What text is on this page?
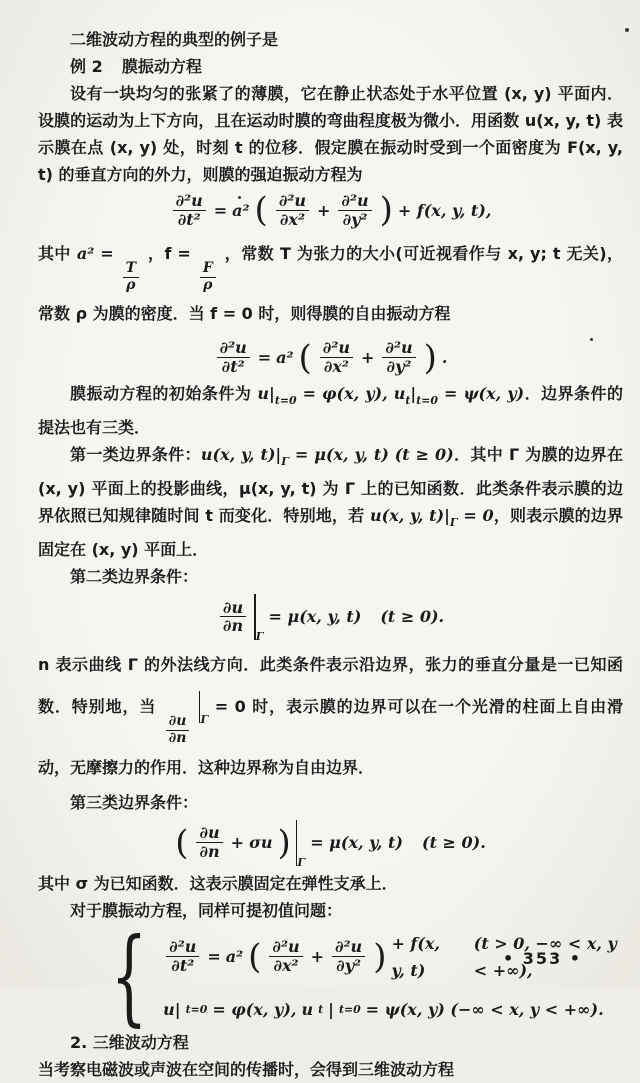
二维波动方程的典型的例子是

例 2 膜振动方程

设有一块均匀的张紧了的薄膜，它在静止状态处于水平位置 (x, y) 平面内．设膜的运动为上下方向，且在运动时膜的弯曲程度极为微小．用函数 u(x, y, t) 表示膜在点 (x, y) 处，时刻 t 的位移．假定膜在振动时受到一个面密度为 F(x, y, t) 的垂直方向的外力，则膜的强迫振动方程为

$\frac{\text{∂²u}}{\text{∂t²}} = a^2$ ( $\frac{\text{∂²u}}{\text{∂x²}} + \frac{\text{∂²u}}{\text{∂y²}}$ ) + f(x, y, t),

其中 a² =
$\frac{T}{\rho}$
，f =
$\frac{F}{\rho}$
，常数 T 为张力的大小(可近视看作与 x, y; t 无关)，常数 ρ 为膜的密度．当 f = 0 时，则得膜的自由振动方程

$\frac{\text{∂²u}}{\text{∂t²}} = a^2$ ( $\frac{\text{∂²u}}{\text{∂x²}} + \frac{\text{∂²u}}{\text{∂y²}}$ ) .

膜振动方程的初始条件为 $u|_{t=0} = \varphi(x$, y), $u_t|_{t=0} = \psi(x$, y)．边界条件的提法也有三类．

第一类边界条件：u(x, y, $t)|_\Gamma = \mu(x$, y, t) (t ≥ 0)．其中 Γ 为膜的边界在 (x, y) 平面上的投影曲线，μ(x, y, t) 为 Γ 上的已知函数．此类条件表示膜的边界依照已知规律随时间 t 而变化．特别地，若 u(x, y, $t)|_\Gamma = 0$，则表示膜的边界固定在 (x, y) 平面上．

第二类边界条件：

$\frac{\partial u}{\partial n}$
Γ
= μ(x, y, t) (t ≥ 0).

n 表示曲线 Γ 的外法线方向．此类条件表示沿边界，张力的垂直分量是一已知函数．特别地，当
$\frac{\partial u}{\partial n}$
Γ
= 0 时，表示膜的边界可以在一个光滑的柱面上自由滑动，无摩擦力的作用．这种边界称为自由边界．

第三类边界条件：

( $\frac{\partial u}{\partial n} + \sigma u$ ) Γ
= μ(x, y, t) (t ≥ 0).

其中 σ 为已知函数．这表示膜固定在弹性支承上．

对于膜振动方程，同样可提初值问题：

{ $\frac{\text{∂²u}}{\text{∂t²}} = a^2$ ( $\frac{\text{∂²u}}{\text{∂x²}} + \frac{\text{∂²u}}{\text{∂y²}}$ ) + f(x, y, t)
(t > 0, −∞ < x, y < +∞),
u| t=0 = φ(x, y), u t | t=0 = ψ(x, y) (−∞ < x, y < +∞).

2. 三维波动方程

当考察电磁波或声波在空间的传播时，会得到三维波动方程

• 353 •
